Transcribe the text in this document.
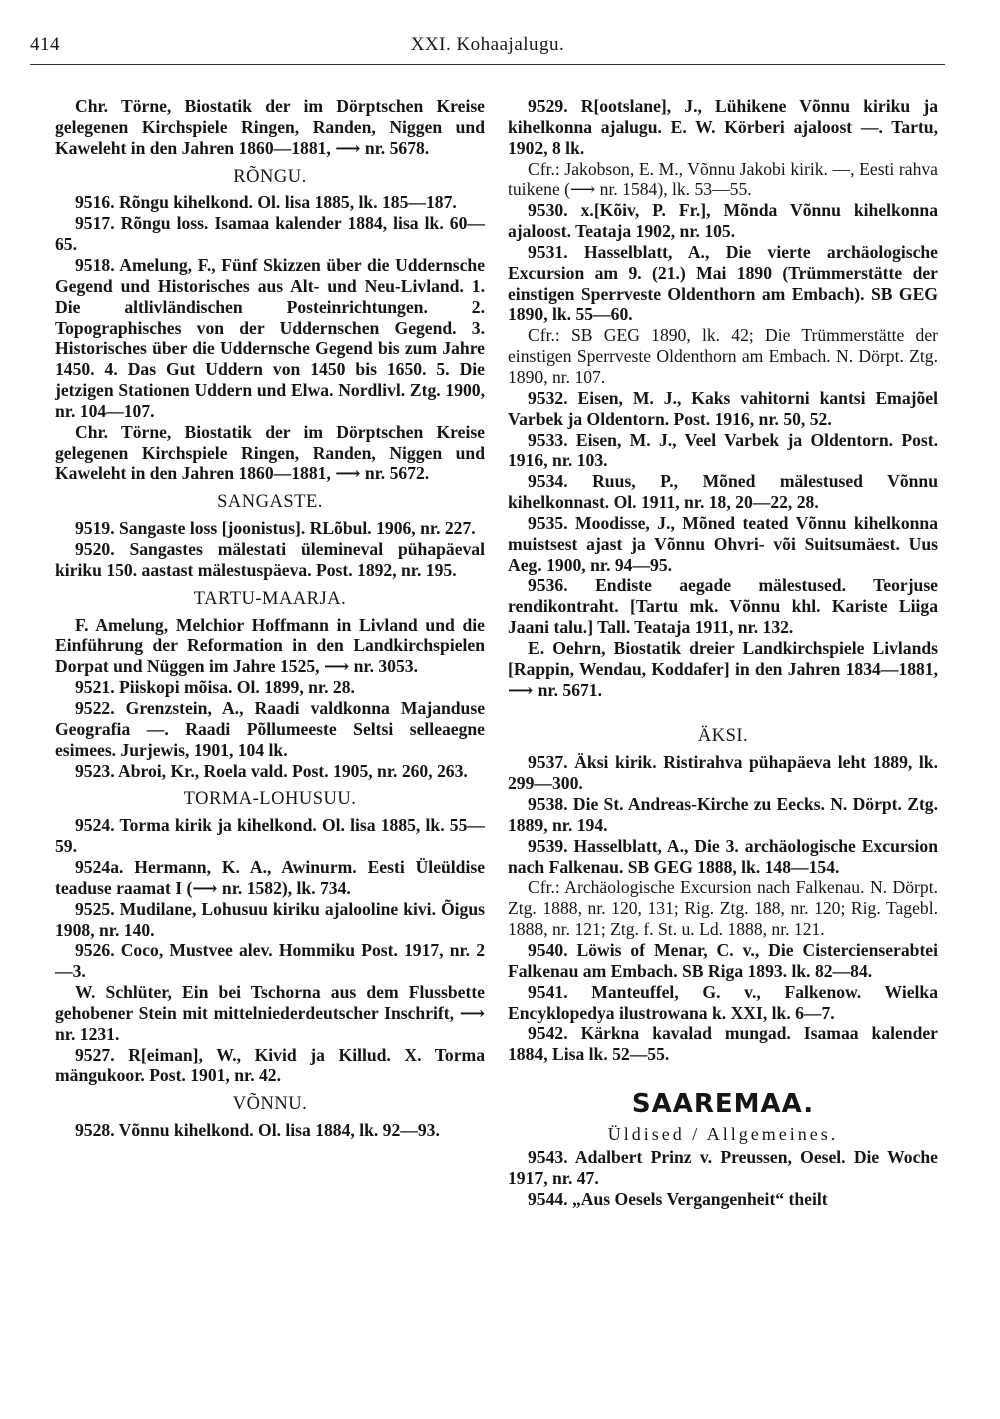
414	XXI. Kohaajalugu.

Chr. Törne, Biostatik der im Dörptschen Kreise gelegenen Kirchspiele Ringen, Randen, Niggen und Kaweleht in den Jahren 1860—1881, ⟶ nr. 5678.

RÕNGU.

9516. Rõngu kihelkond. Ol. lisa 1885, lk. 185—187.

9517. Rõngu loss. Isamaa kalender 1884, lisa lk. 60—65.

9518. Amelung, F., Fünf Skizzen über die Uddernsche Gegend und Historisches aus Alt- und Neu-Livland. 1. Die altlivländischen Posteinrichtungen. 2. Topographisches von der Uddernschen Gegend. 3. Historisches über die Uddernsche Gegend bis zum Jahre 1450. 4. Das Gut Uddern von 1450 bis 1650. 5. Die jetzigen Stationen Uddern und Elwa. Nordlivl. Ztg. 1900, nr. 104—107.

Chr. Törne, Biostatik der im Dörptschen Kreise gelegenen Kirchspiele Ringen, Randen, Niggen und Kaweleht in den Jahren 1860—1881, ⟶ nr. 5672.

SANGASTE.

9519. Sangaste loss [joonistus]. RLõbul. 1906, nr. 227.

9520. Sangastes mälestati ülemineval pühapäeval kiriku 150. aastast mälestuspäeva. Post. 1892, nr. 195.

TARTU-MAARJA.

F. Amelung, Melchior Hoffmann in Livland und die Einführung der Reformation in den Landkirchspielen Dorpat und Nüggen im Jahre 1525, ⟶ nr. 3053.

9521. Piiskopi mõisa. Ol. 1899, nr. 28.

9522. Grenzstein, A., Raadi valdkonna Majanduse Geografia —. Raadi Põllumeeste Seltsi selleaegne esimees. Jurjewis, 1901, 104 lk.

9523. Abroi, Kr., Roela vald. Post. 1905, nr. 260, 263.

TORMA-LOHUSUU.

9524. Torma kirik ja kihelkond. Ol. lisa 1885, lk. 55—59.

9524a. Hermann, K. A., Awinurm. Eesti Üleüldise teaduse raamat I (⟶ nr. 1582), lk. 734.

9525. Mudilane, Lohusuu kiriku ajalooline kivi. Õigus 1908, nr. 140.

9526. Coco, Mustvee alev. Hommiku Post. 1917, nr. 2—3.

W. Schlüter, Ein bei Tschorna aus dem Flussbette gehobener Stein mit mittelniederdeutscher Inschrift, ⟶ nr. 1231.

9527. R[eiman], W., Kivid ja Killud. X. Torma mängukoor. Post. 1901, nr. 42.

VÕNNU.

9528. Võnnu kihelkond. Ol. lisa 1884, lk. 92—93.

9529. R[ootslane], J., Lühikene Võnnu kiriku ja kihelkonna ajalugu. E. W. Körberi ajaloost —. Tartu, 1902, 8 lk.

Cfr.: Jakobson, E. M., Võnnu Jakobi kirik. —, Eesti rahva tuikene (⟶ nr. 1584), lk. 53—55.

9530. x.[Kõiv, P. Fr.], Mõnda Võnnu kihelkonna ajaloost. Teataja 1902, nr. 105.

9531. Hasselblatt, A., Die vierte archäologische Excursion am 9. (21.) Mai 1890 (Trümmerstätte der einstigen Sperrveste Oldenthorn am Embach). SB GEG 1890, lk. 55—60.

Cfr.: SB GEG 1890, lk. 42; Die Trümmerstätte der einstigen Sperrveste Oldenthorn am Embach. N. Dörpt. Ztg. 1890, nr. 107.

9532. Eisen, M. J., Kaks vahitorni kantsi Emajõel Varbek ja Oldentorn. Post. 1916, nr. 50, 52.

9533. Eisen, M. J., Veel Varbek ja Oldentorn. Post. 1916, nr. 103.

9534. Ruus, P., Mõned mälestused Võnnu kihelkonnast. Ol. 1911, nr. 18, 20—22, 28.

9535. Moodisse, J., Mõned teated Võnnu kihelkonna muistsest ajast ja Võnnu Ohvri- või Suitsumäest. Uus Aeg. 1900, nr. 94—95.

9536. Endiste aegade mälestused. Teorjuse rendikontraht. [Tartu mk. Võnnu khl. Kariste Liiga Jaani talu.] Tall. Teataja 1911, nr. 132.

E. Oehrn, Biostatik dreier Landkirchspiele Livlands [Rappin, Wendau, Koddafer] in den Jahren 1834—1881, ⟶ nr. 5671.

ÄKSI.

9537. Äksi kirik. Ristirahva pühapäeva leht 1889, lk. 299—300.

9538. Die St. Andreas-Kirche zu Eecks. N. Dörpt. Ztg. 1889, nr. 194.

9539. Hasselblatt, A., Die 3. archäologische Excursion nach Falkenau. SB GEG 1888, lk. 148—154.

Cfr.: Archäologische Excursion nach Falkenau. N. Dörpt. Ztg. 1888, nr. 120, 131; Rig. Ztg. 188, nr. 120; Rig. Tagebl. 1888, nr. 121; Ztg. f. St. u. Ld. 1888, nr. 121.

9540. Löwis of Menar, C. v., Die Cistercienserabtei Falkenau am Embach. SB Riga 1893. lk. 82—84.

9541. Manteuffel, G. v., Falkenow. Wielka Encyklopedya ilustrowana k. XXI, lk. 6—7.

9542. Kärkna kavalad mungad. Isamaa kalender 1884, Lisa lk. 52—55.

SAAREMAA.
Üldised / Allgemeines.

9543. Adalbert Prinz v. Preussen, Oesel. Die Woche 1917, nr. 47.

9544. „Aus Oesels Vergangenheit“ theilt
